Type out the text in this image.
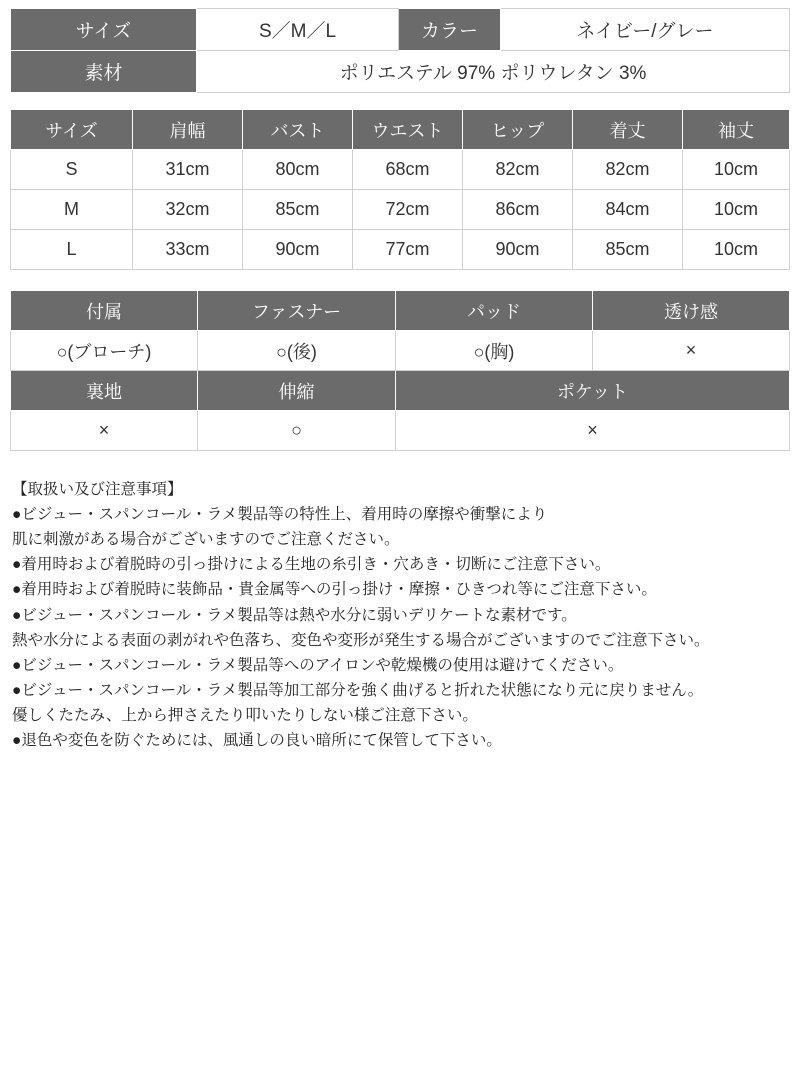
サイズ	S／M／L	カラー	ネイビー/グレー
素材	ポリエステル 97% ポリウレタン 3%		
サイズ	肩幅	バスト	ウエスト	ヒップ	着丈	袖丈
S	31cm	80cm	68cm	82cm	82cm	10cm
M	32cm	85cm	72cm	86cm	84cm	10cm
L	33cm	90cm	77cm	90cm	85cm	10cm
付属	ファスナー	パッド	透け感
○(ブローチ)	○(後)	○(胸)	×
裏地	伸縮	ポケット	
×	○	×	
【取扱い及び注意事項】
●ビジュー・スパンコール・ラメ製品等の特性上、着用時の摩擦や衝撃により
肌に刺激がある場合がございますのでご注意ください。
●着用時および着脱時の引っ掛けによる生地の糸引き・穴あき・切断にご注意下さい。
●着用時および着脱時に装飾品・貴金属等への引っ掛け・摩擦・ひきつれ等にご注意下さい。
●ビジュー・スパンコール・ラメ製品等は熱や水分に弱いデリケートな素材です。
熱や水分による表面の剥がれや色落ち、変色や変形が発生する場合がございますのでご注意下さい。
●ビジュー・スパンコール・ラメ製品等へのアイロンや乾燥機の使用は避けてください。
●ビジュー・スパンコール・ラメ製品等加工部分を強く曲げると折れた状態になり元に戻りません。
優しくたたみ、上から押さえたり叩いたりしない様ご注意下さい。
●退色や変色を防ぐためには、風通しの良い暗所にて保管して下さい。
